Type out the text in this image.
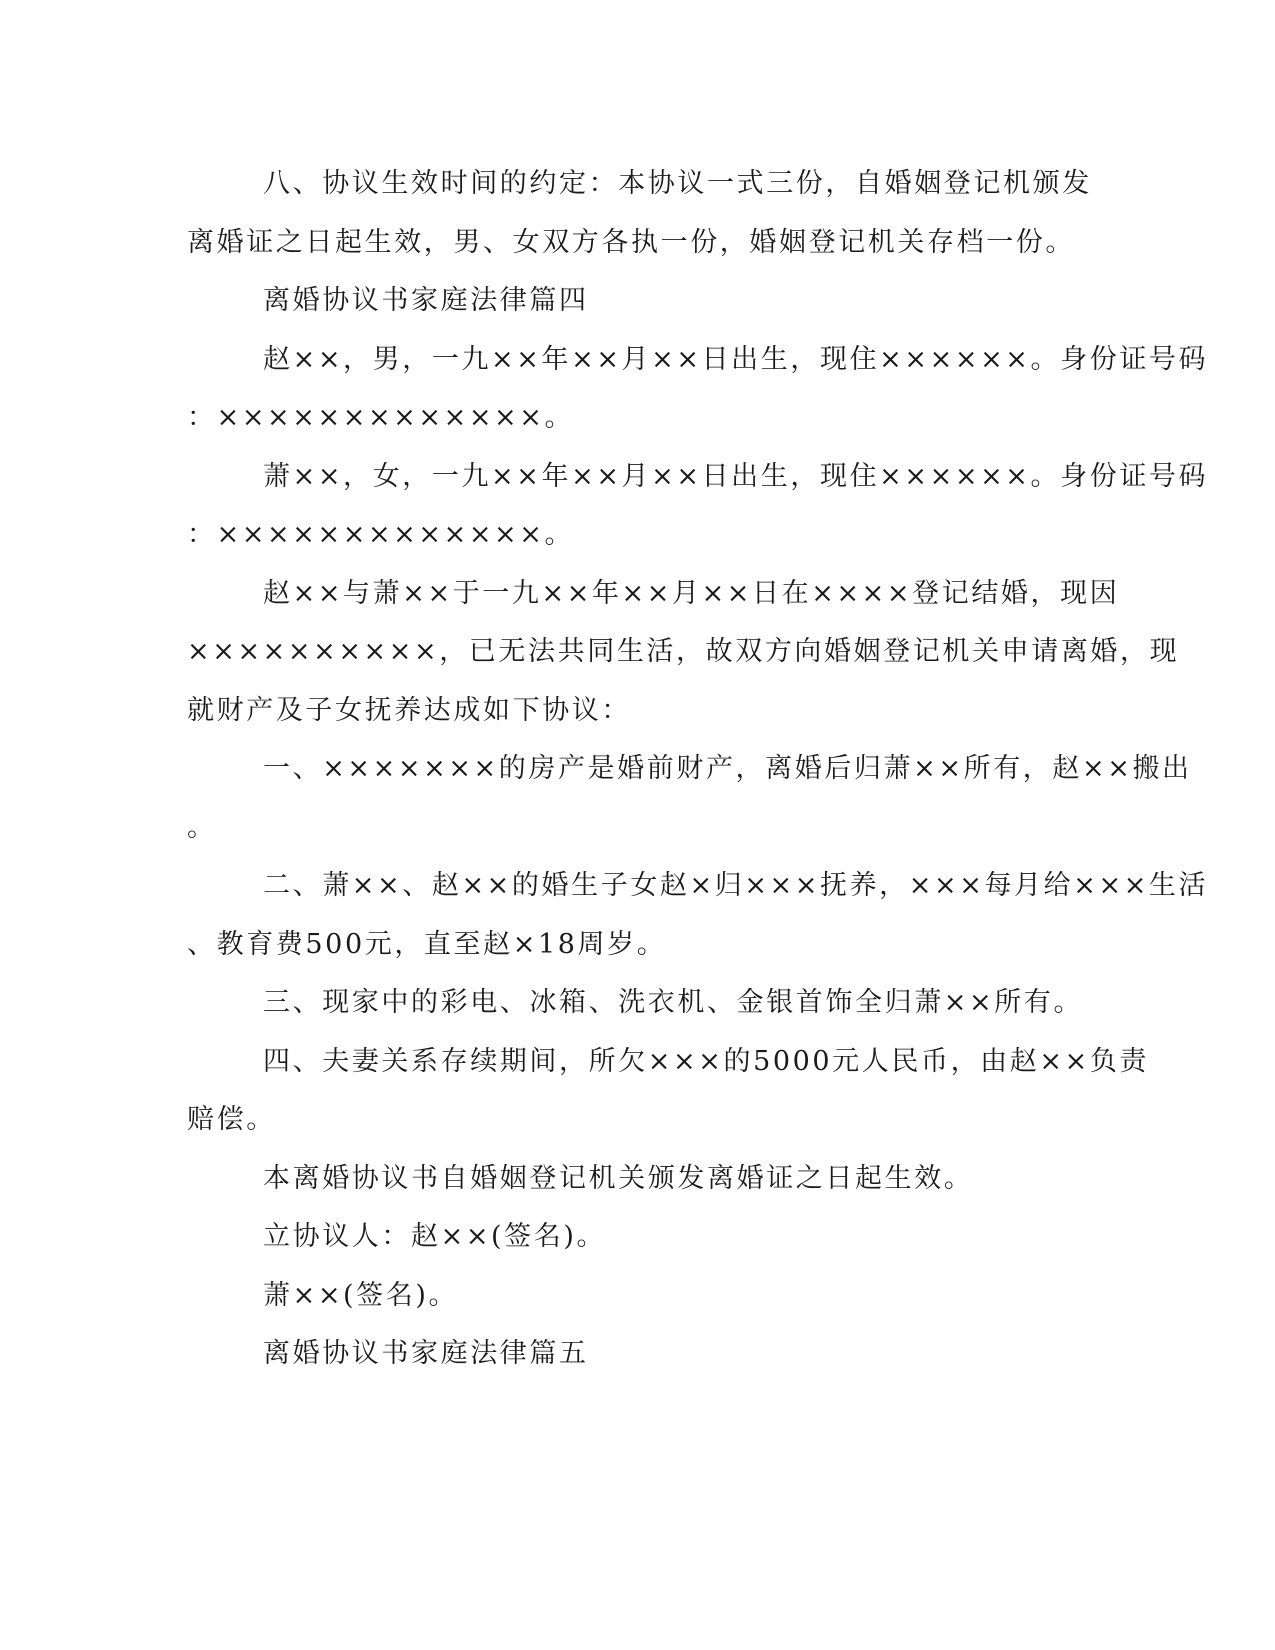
八、协议生效时间的约定：本协议一式三份，自婚姻登记机颁发
离婚证之日起生效，男、女双方各执一份，婚姻登记机关存档一份。
离婚协议书家庭法律篇四
赵××，男，一九××年××月××日出生，现住××××××。身份证号码
：×××××××××××××。
萧××，女，一九××年××月××日出生，现住××××××。身份证号码
：×××××××××××××。
赵××与萧××于一九××年××月××日在××××登记结婚，现因
××××××××××，已无法共同生活，故双方向婚姻登记机关申请离婚，现
就财产及子女抚养达成如下协议：
一、×××××××的房产是婚前财产，离婚后归萧××所有，赵××搬出
。
二、萧××、赵××的婚生子女赵×归×××抚养，×××每月给×××生活
、教育费500元，直至赵×18周岁。
三、现家中的彩电、冰箱、洗衣机、金银首饰全归萧××所有。
四、夫妻关系存续期间，所欠×××的5000元人民币，由赵××负责
赔偿。
本离婚协议书自婚姻登记机关颁发离婚证之日起生效。
立协议人：赵××(签名)。
萧××(签名)。
离婚协议书家庭法律篇五
